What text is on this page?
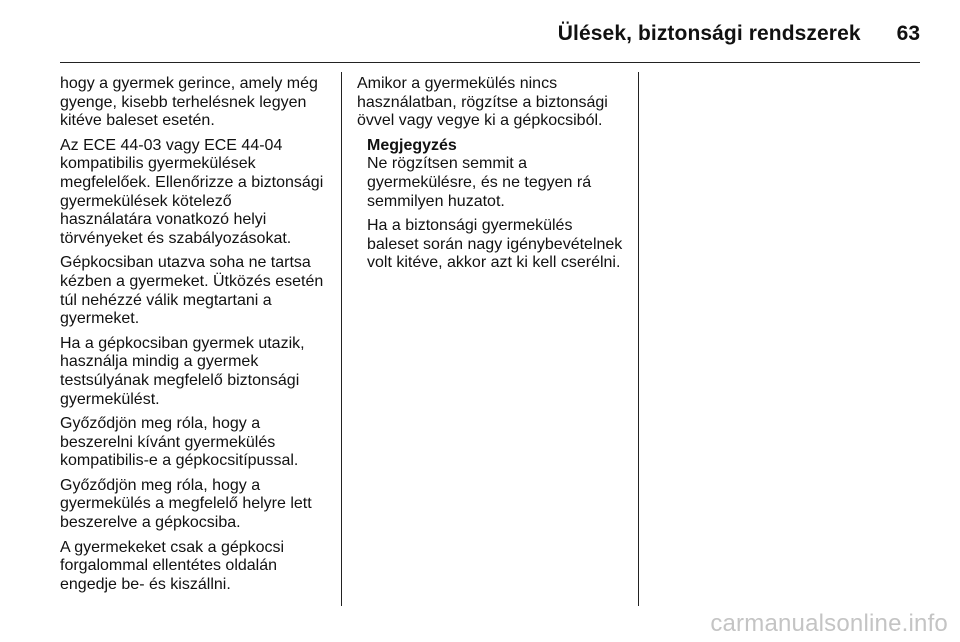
Ülések, biztonsági rendszerek 63

hogy a gyermek gerince, amely még
gyenge, kisebb terhelésnek legyen
kitéve baleset esetén.

Az ECE 44-03 vagy ECE 44-04
kompatibilis gyermekülések
megfelelőek. Ellenőrizze a biztonsági
gyermekülések kötelező
használatára vonatkozó helyi
törvényeket és szabályozásokat.

Gépkocsiban utazva soha ne tartsa
kézben a gyermeket. Ütközés esetén
túl nehézzé válik megtartani a
gyermeket.

Ha a gépkocsiban gyermek utazik,
használja mindig a gyermek
testsúlyának megfelelő biztonsági
gyermekülést.

Győződjön meg róla, hogy a
beszerelni kívánt gyermekülés
kompatibilis-e a gépkocsitípussal.

Győződjön meg róla, hogy a
gyermekülés a megfelelő helyre lett
beszerelve a gépkocsiba.

A gyermekeket csak a gépkocsi
forgalommal ellentétes oldalán
engedje be- és kiszállni.

Amikor a gyermekülés nincs
használatban, rögzítse a biztonsági
övvel vagy vegye ki a gépkocsiból.

Megjegyzés

Ne rögzítsen semmit a
gyermekülésre, és ne tegyen rá
semmilyen huzatot.

Ha a biztonsági gyermekülés
baleset során nagy igénybevételnek
volt kitéve, akkor azt ki kell cserélni.

carmanualsonline.info
